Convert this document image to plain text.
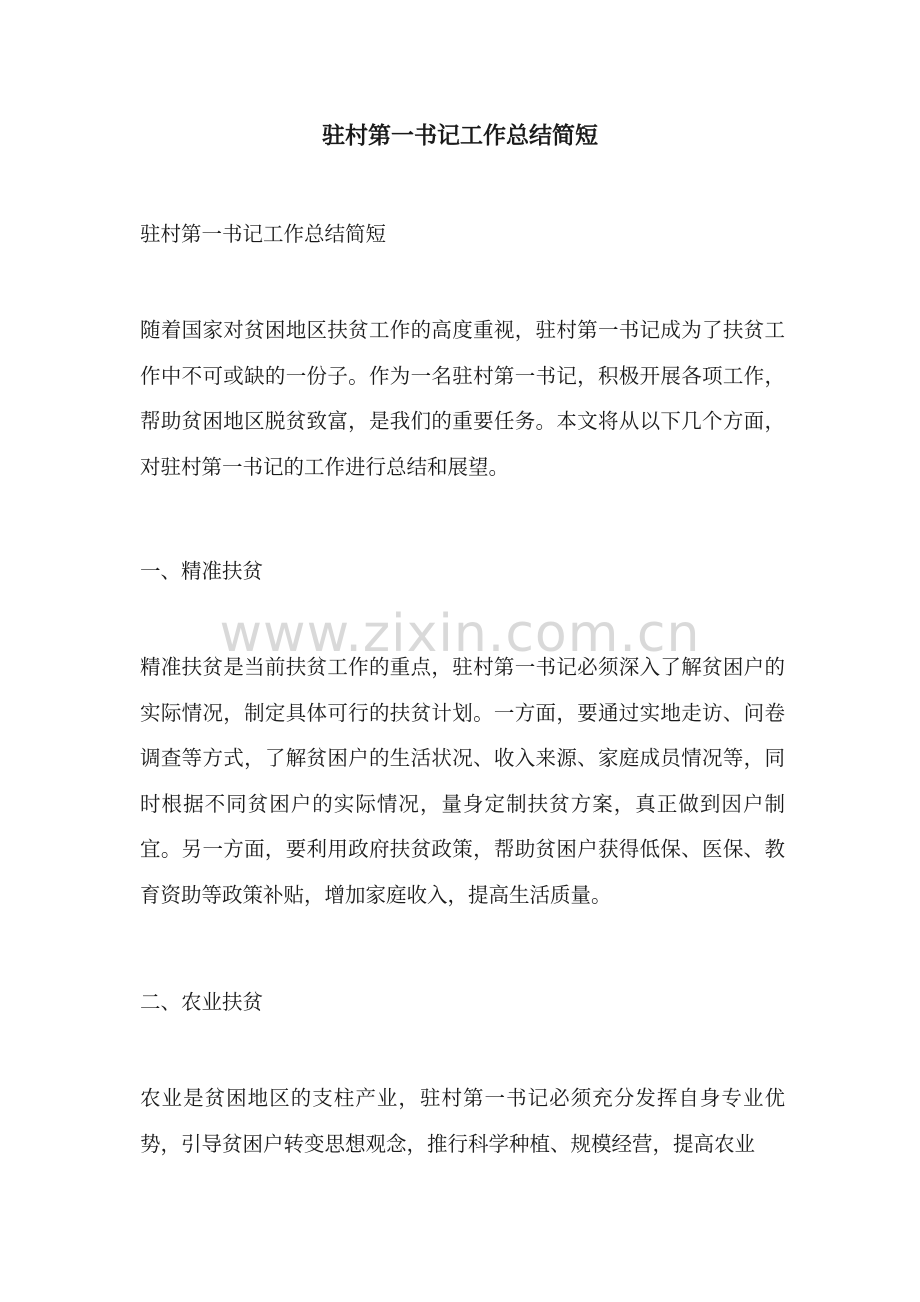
驻村第一书记工作总结简短

驻村第一书记工作总结简短

随着国家对贫困地区扶贫工作的高度重视，驻村第一书记成为了扶贫工作中不可或缺的一份子。作为一名驻村第一书记，积极开展各项工作，帮助贫困地区脱贫致富，是我们的重要任务。本文将从以下几个方面，对驻村第一书记的工作进行总结和展望。

一、精准扶贫

精准扶贫是当前扶贫工作的重点，驻村第一书记必须深入了解贫困户的实际情况，制定具体可行的扶贫计划。一方面，要通过实地走访、问卷调查等方式，了解贫困户的生活状况、收入来源、家庭成员情况等，同时根据不同贫困户的实际情况，量身定制扶贫方案，真正做到因户制宜。另一方面，要利用政府扶贫政策，帮助贫困户获得低保、医保、教育资助等政策补贴，增加家庭收入，提高生活质量。

二、农业扶贫

农业是贫困地区的支柱产业，驻村第一书记必须充分发挥自身专业优势，引导贫困户转变思想观念，推行科学种植、规模经营，提高农业

www.zixin.com.cn
